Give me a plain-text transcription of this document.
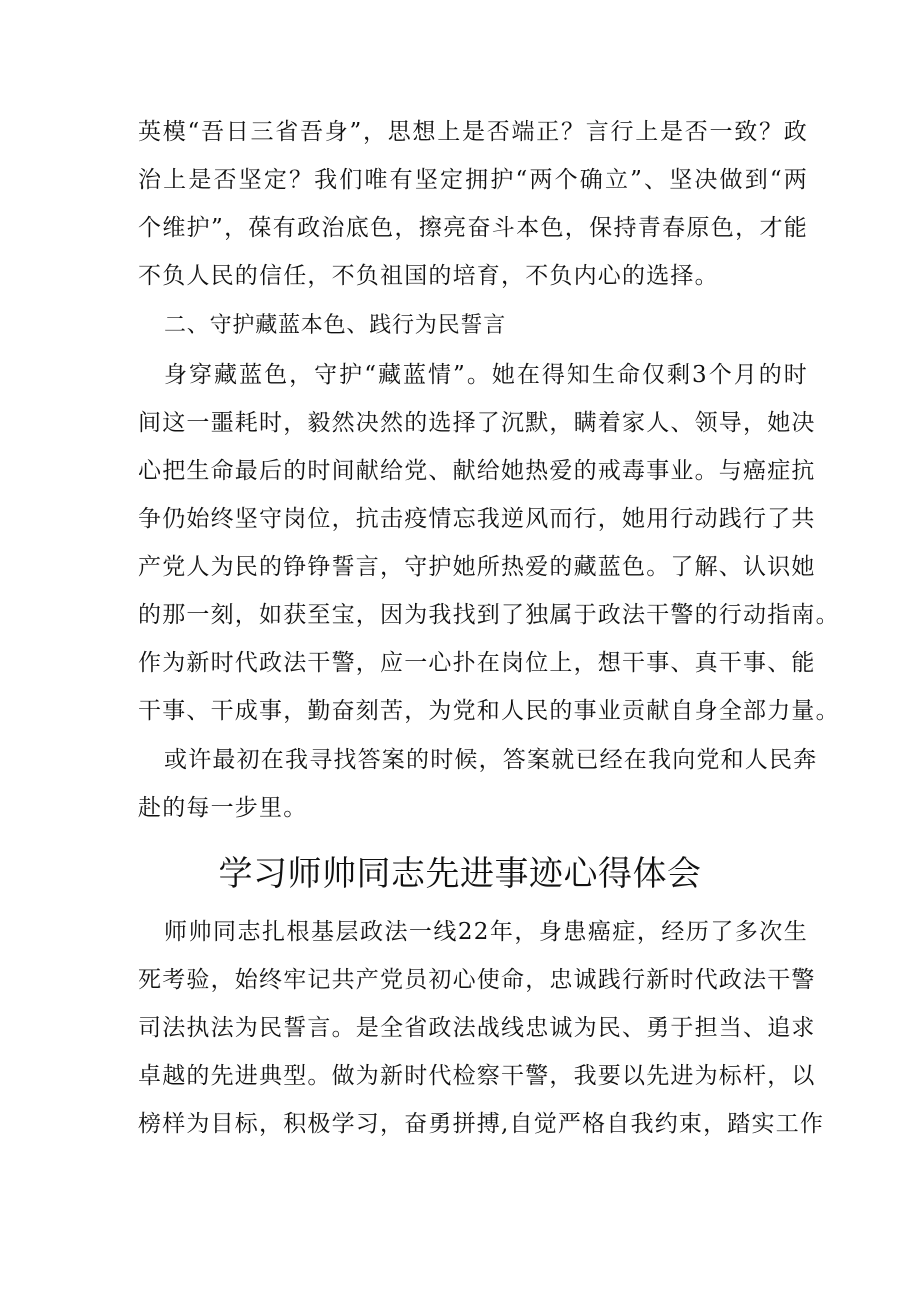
英模“吾日三省吾身”，思想上是否端正？言行上是否一致？政
治上是否坚定？我们唯有坚定拥护“两个确立”、坚决做到“两
个维护”，葆有政治底色，擦亮奋斗本色，保持青春原色，才能
不负人民的信任，不负祖国的培育，不负内心的选择。
二、守护藏蓝本色、践行为民誓言
身穿藏蓝色，守护“藏蓝情”。她在得知生命仅剩3个月的时
间这一噩耗时，毅然决然的选择了沉默，瞒着家人、领导，她决
心把生命最后的时间献给党、献给她热爱的戒毒事业。与癌症抗
争仍始终坚守岗位，抗击疫情忘我逆风而行，她用行动践行了共
产党人为民的铮铮誓言，守护她所热爱的藏蓝色。了解、认识她
的那一刻，如获至宝，因为我找到了独属于政法干警的行动指南。
作为新时代政法干警，应一心扑在岗位上，想干事、真干事、能
干事、干成事，勤奋刻苦，为党和人民的事业贡献自身全部力量。
或许最初在我寻找答案的时候，答案就已经在我向党和人民奔
赴的每一步里。
学习师帅同志先进事迹心得体会
师帅同志扎根基层政法一线22年，身患癌症，经历了多次生
死考验，始终牢记共产党员初心使命，忠诚践行新时代政法干警
司法执法为民誓言。是全省政法战线忠诚为民、勇于担当、追求
卓越的先进典型。做为新时代检察干警，我要以先进为标杆，以
榜样为目标，积极学习，奋勇拼搏,自觉严格自我约束，踏实工作
